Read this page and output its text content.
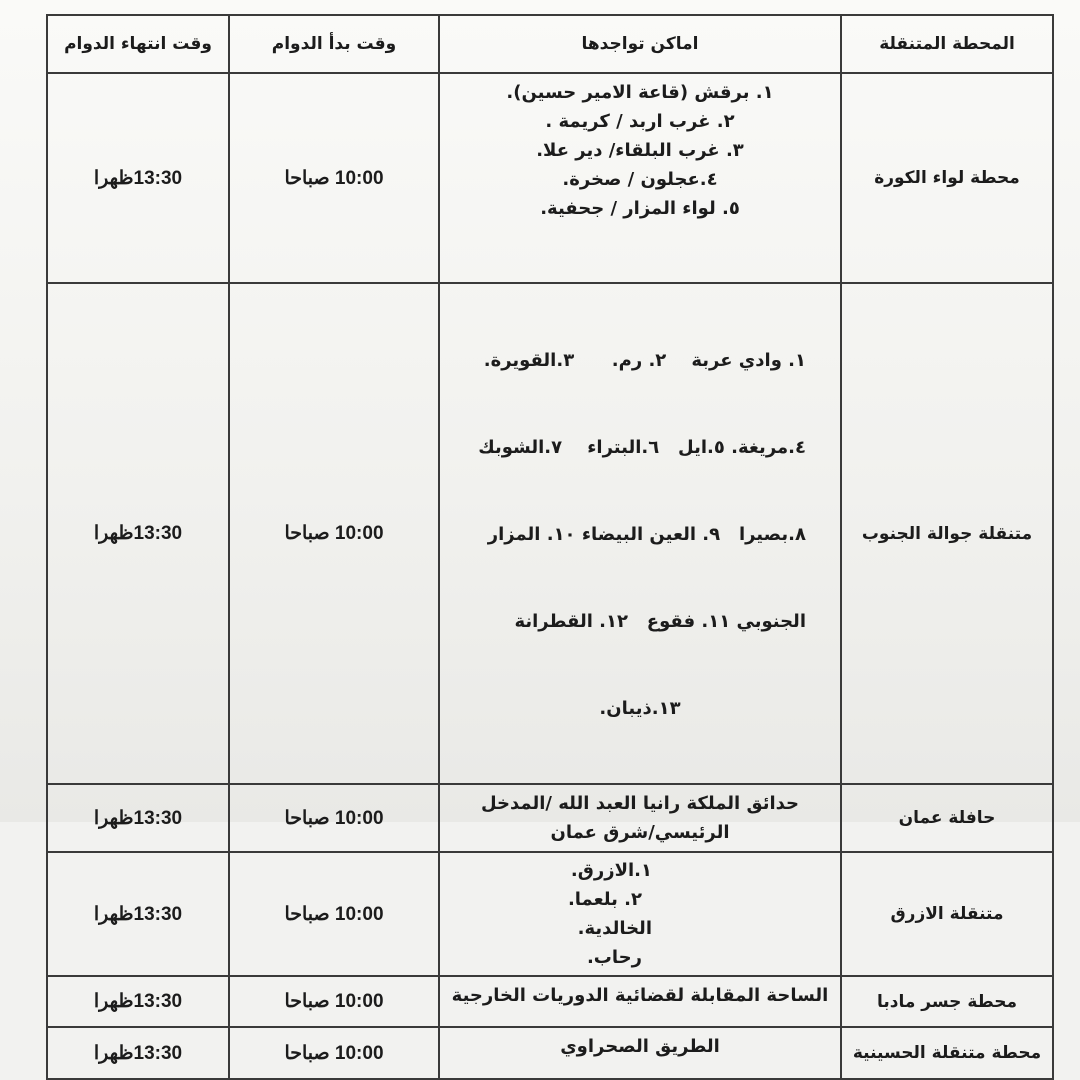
المحطة المتنقلة	اماكن تواجدها	وقت بدأ الدوام	وقت انتهاء الدوام
محطة لواء الكورة	١. برقش (قاعة الامير حسين).
٢. غرب اربد / كريمة .
٣. غرب البلقاء/ دير علا.
٤.عجلون / صخرة.
٥. لواء المزار / جحفية.	10:00 صباحا	13:30ظهرا
متنقلة جوالة الجنوب	١. وادي عربة    ٢. رم.      ٣.القويرة.

٤.مريغة. ٥.ايل   ٦.البتراء    ٧.الشوبك

٨.بصيرا   ٩. العين البيضاء ١٠. المزار

الجنوبي ١١. فقوع   ١٢. القطرانة

١٣.ذيبان.	10:00 صباحا	13:30ظهرا
حافلة عمان	حدائق الملكة رانيا العبد الله /المدخل
الرئيسي/شرق عمان	10:00 صباحا	13:30ظهرا
متنقلة الازرق	١.الازرق.
٢. بلعما.
الخالدية.
رحاب.	10:00 صباحا	13:30ظهرا
محطة جسر مادبا	الساحة المقابلة لقضائية الدوريات الخارجية	10:00 صباحا	13:30ظهرا
محطة متنقلة الحسينية	الطريق الصحراوي	10:00 صباحا	13:30ظهرا
